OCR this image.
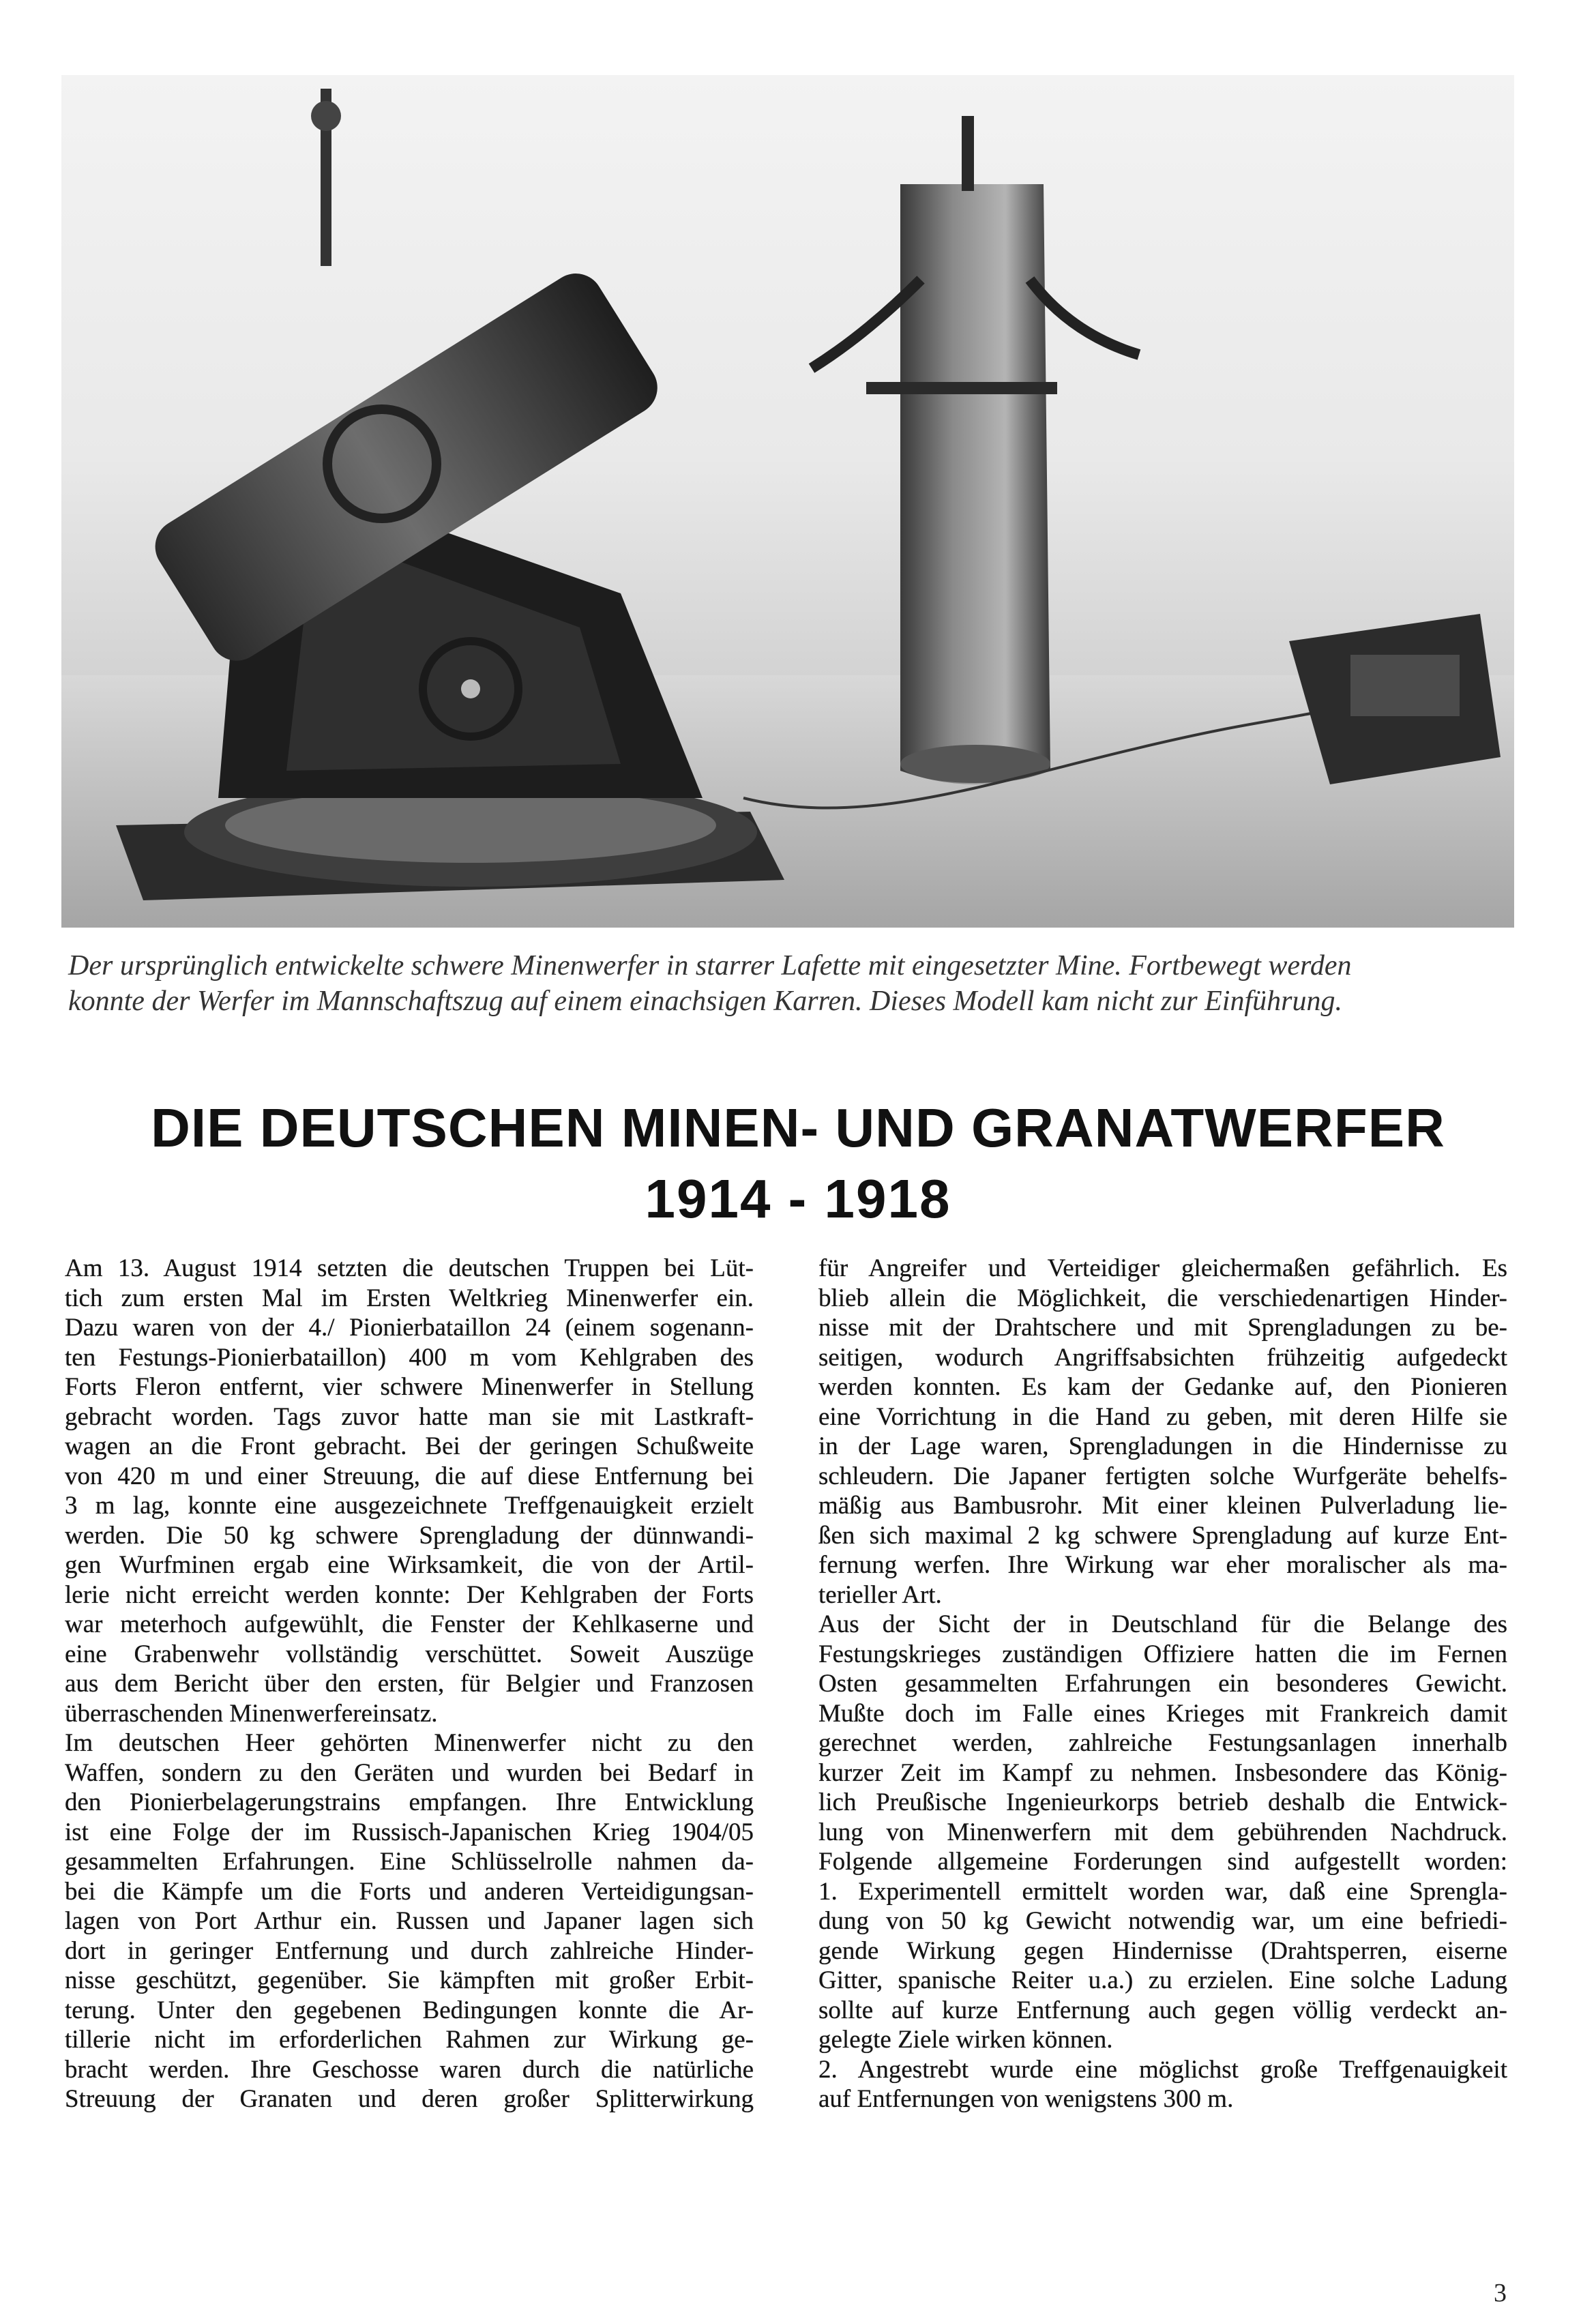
Der ursprünglich entwickelte schwere Minenwerfer in starrer Lafette mit eingesetzter Mine. Fortbewegt werden
konnte der Werfer im Mannschaftszug auf einem einachsigen Karren. Dieses Modell kam nicht zur Einführung.
DIE DEUTSCHEN MINEN- UND GRANATWERFER
1914 - 1918
Am 13. August 1914 setzten die deutschen Truppen bei Lüt-
tich zum ersten Mal im Ersten Weltkrieg Minenwerfer ein.
Dazu waren von der 4./ Pionierbataillon 24 (einem sogenann-
ten Festungs-Pionierbataillon) 400 m vom Kehlgraben des
Forts Fleron entfernt, vier schwere Minenwerfer in Stellung
gebracht worden. Tags zuvor hatte man sie mit Lastkraft-
wagen an die Front gebracht. Bei der geringen Schußweite
von 420 m und einer Streuung, die auf diese Entfernung bei
3 m lag, konnte eine ausgezeichnete Treffgenauigkeit erzielt
werden. Die 50 kg schwere Sprengladung der dünnwandi-
gen Wurfminen ergab eine Wirksamkeit, die von der Artil-
lerie nicht erreicht werden konnte: Der Kehlgraben der Forts
war meterhoch aufgewühlt, die Fenster der Kehlkaserne und
eine Grabenwehr vollständig verschüttet. Soweit Auszüge
aus dem Bericht über den ersten, für Belgier und Franzosen
überraschenden Minenwerfereinsatz.
Im deutschen Heer gehörten Minenwerfer nicht zu den
Waffen, sondern zu den Geräten und wurden bei Bedarf in
den Pionierbelagerungstrains empfangen. Ihre Entwicklung
ist eine Folge der im Russisch-Japanischen Krieg 1904/05
gesammelten Erfahrungen. Eine Schlüsselrolle nahmen da-
bei die Kämpfe um die Forts und anderen Verteidigungsan-
lagen von Port Arthur ein. Russen und Japaner lagen sich
dort in geringer Entfernung und durch zahlreiche Hinder-
nisse geschützt, gegenüber. Sie kämpften mit großer Erbit-
terung. Unter den gegebenen Bedingungen konnte die Ar-
tillerie nicht im erforderlichen Rahmen zur Wirkung ge-
bracht werden. Ihre Geschosse waren durch die natürliche
Streuung der Granaten und deren großer Splitterwirkung
für Angreifer und Verteidiger gleichermaßen gefährlich. Es
blieb allein die Möglichkeit, die verschiedenartigen Hinder-
nisse mit der Drahtschere und mit Sprengladungen zu be-
seitigen, wodurch Angriffsabsichten frühzeitig aufgedeckt
werden konnten. Es kam der Gedanke auf, den Pionieren
eine Vorrichtung in die Hand zu geben, mit deren Hilfe sie
in der Lage waren, Sprengladungen in die Hindernisse zu
schleudern. Die Japaner fertigten solche Wurfgeräte behelfs-
mäßig aus Bambusrohr. Mit einer kleinen Pulverladung lie-
ßen sich maximal 2 kg schwere Sprengladung auf kurze Ent-
fernung werfen. Ihre Wirkung war eher moralischer als ma-
terieller Art.
Aus der Sicht der in Deutschland für die Belange des
Festungskrieges zuständigen Offiziere hatten die im Fernen
Osten gesammelten Erfahrungen ein besonderes Gewicht.
Mußte doch im Falle eines Krieges mit Frankreich damit
gerechnet werden, zahlreiche Festungsanlagen innerhalb
kurzer Zeit im Kampf zu nehmen. Insbesondere das König-
lich Preußische Ingenieurkorps betrieb deshalb die Entwick-
lung von Minenwerfern mit dem gebührenden Nachdruck.
Folgende allgemeine Forderungen sind aufgestellt worden:
1. Experimentell ermittelt worden war, daß eine Sprengla-
dung von 50 kg Gewicht notwendig war, um eine befriedi-
gende Wirkung gegen Hindernisse (Drahtsperren, eiserne
Gitter, spanische Reiter u.a.) zu erzielen. Eine solche Ladung
sollte auf kurze Entfernung auch gegen völlig verdeckt an-
gelegte Ziele wirken können.
2. Angestrebt wurde eine möglichst große Treffgenauigkeit
auf Entfernungen von wenigstens 300 m.
3
